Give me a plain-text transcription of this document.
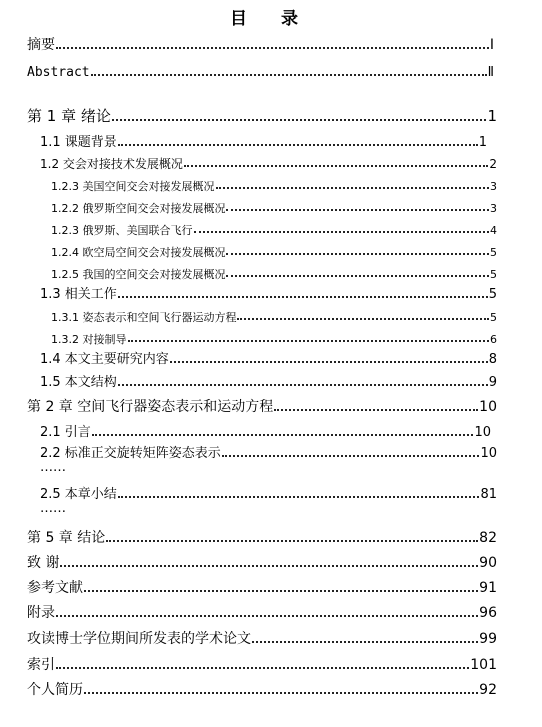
目 录
摘要	Ⅰ
Abstract	Ⅱ
第 1 章 绪论	1
1.1 课题背景	1
1.2 交会对接技术发展概况	2
1.2.3 美国空间交会对接发展概况	3
1.2.2 俄罗斯空间交会对接发展概况	3
1.2.3 俄罗斯、美国联合飞行	4
1.2.4 欧空局空间交会对接发展概况	5
1.2.5 我国的空间交会对接发展概况	5
1.3 相关工作	5
1.3.1 姿态表示和空间飞行器运动方程	5
1.3.2 对接制导	6
1.4 本文主要研究内容	8
1.5 本文结构	9
第 2 章 空间飞行器姿态表示和运动方程	10
2.1 引言	10
2.2 标准正交旋转矩阵姿态表示	10
……
2.5 本章小结	81
……
第 5 章 结论	82
致 谢	90
参考文献	91
附录	96
攻读博士学位期间所发表的学术论文	99
索引	101
个人简历	92
